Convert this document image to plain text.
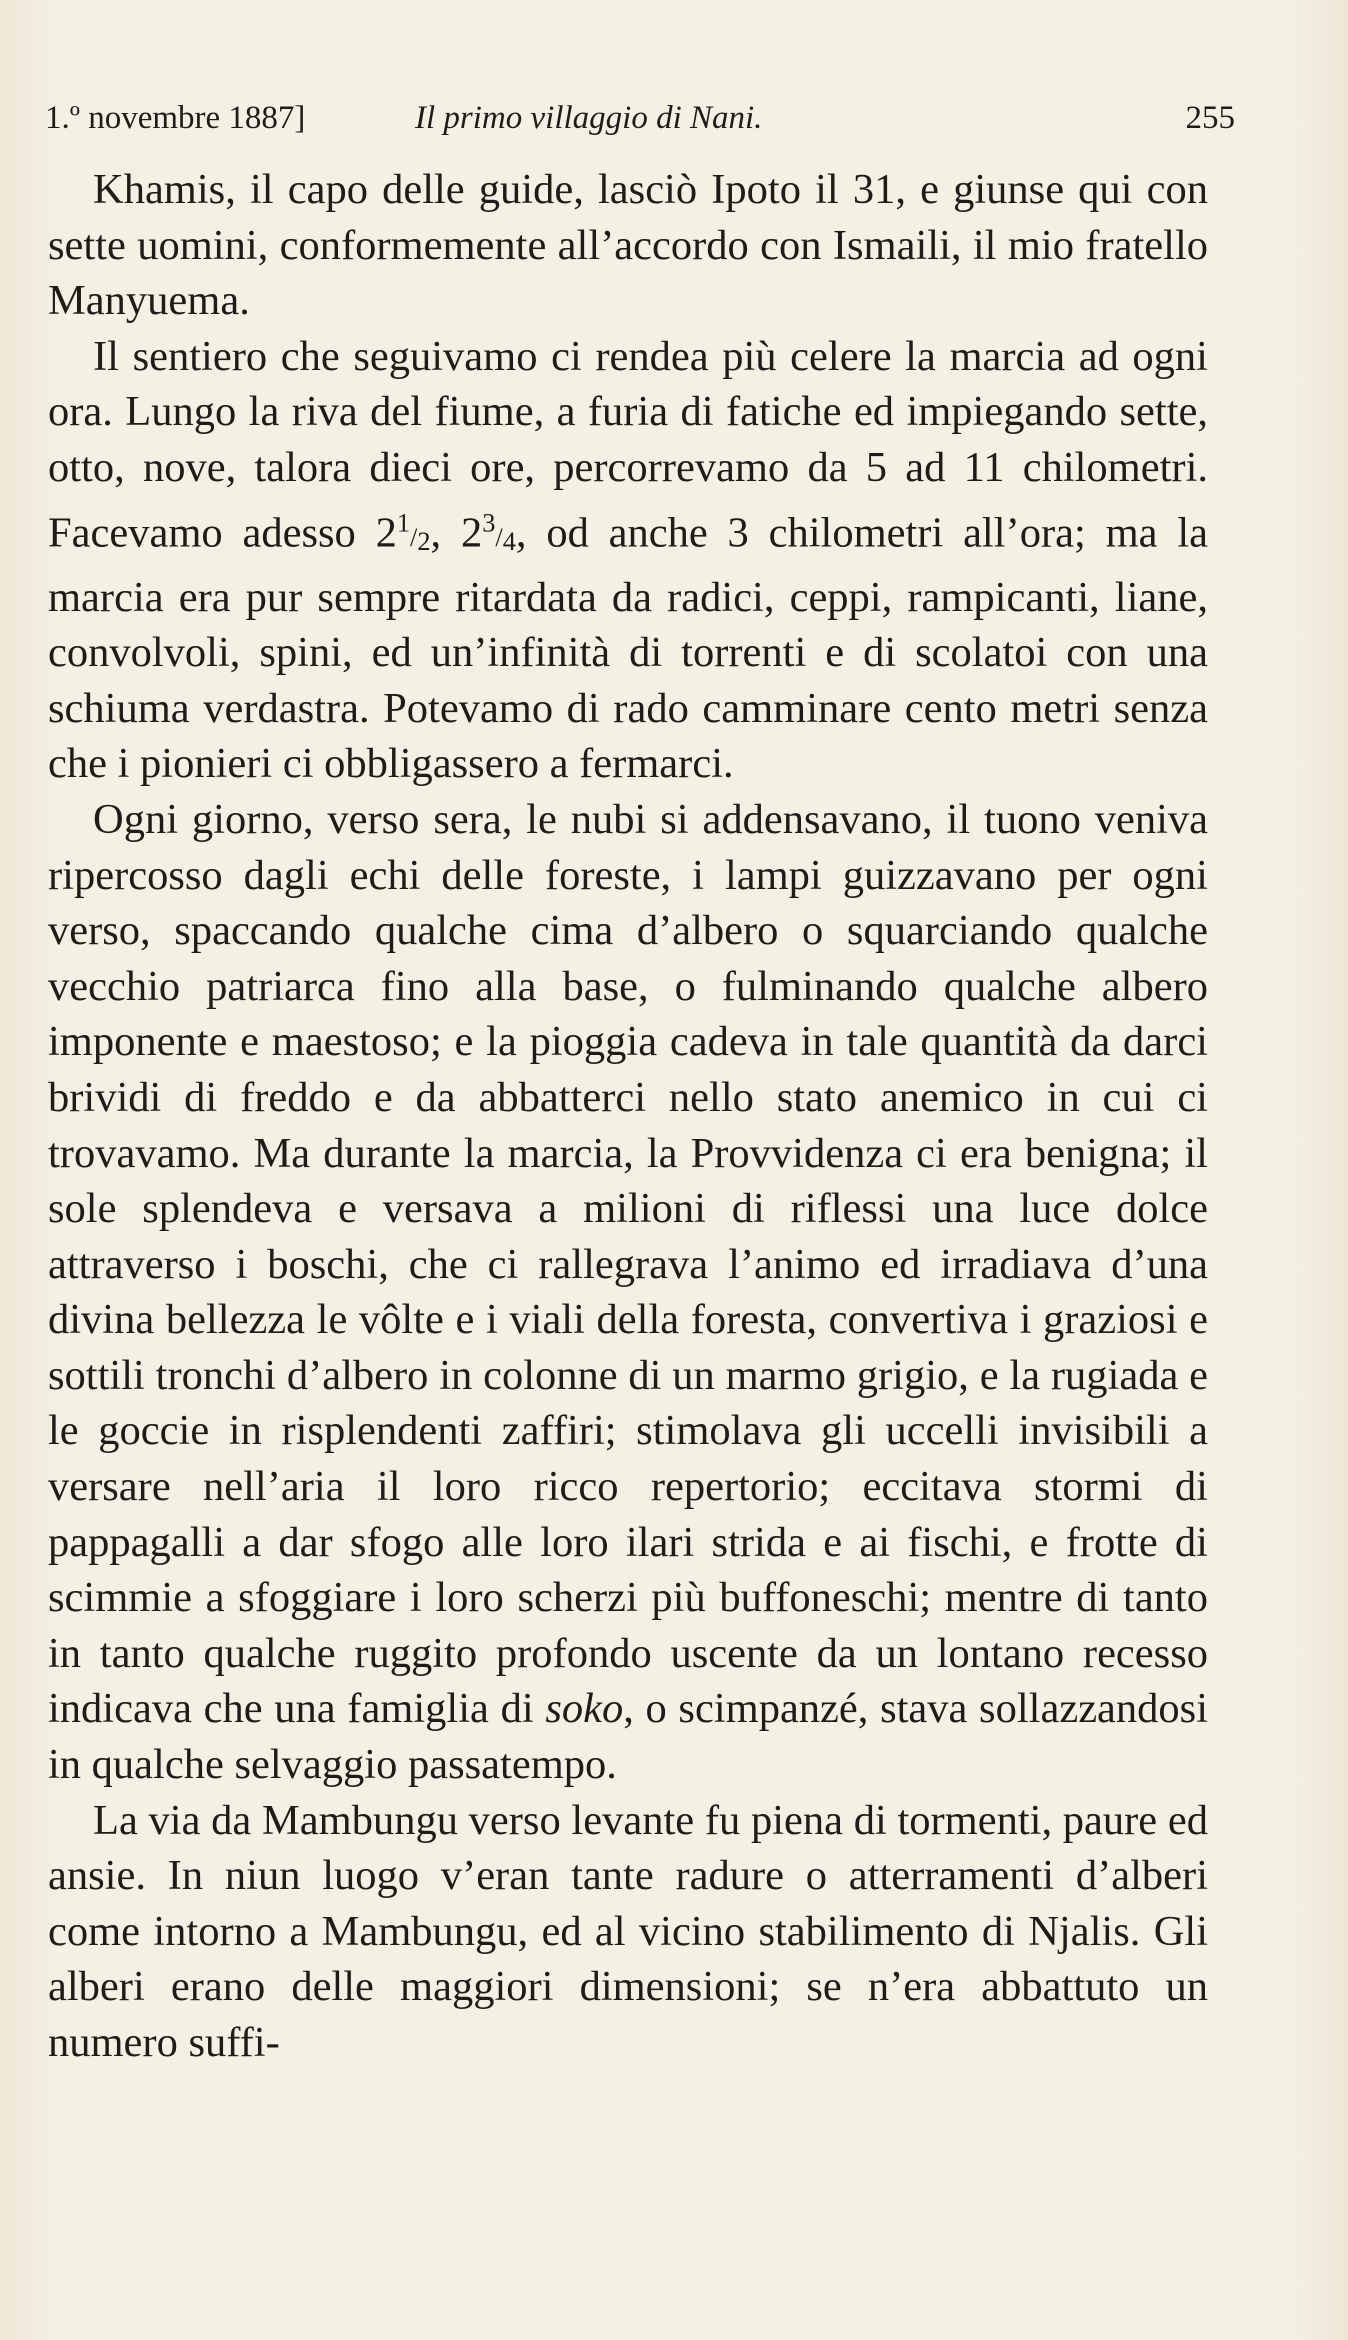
1.º novembre 1887]	Il primo villaggio di Nani.	255

Khamis, il capo delle guide, lasciò Ipoto il 31, e giunse qui con sette uomini, conformemente all’accordo con Ismaili, il mio fratello Manyuema.

Il sentiero che seguivamo ci rendea più celere la marcia ad ogni ora. Lungo la riva del fiume, a furia di fatiche ed impiegando sette, otto, nove, talora dieci ore, percorrevamo da 5 ad 11 chilometri. Facevamo adesso $2^1/_2$, $2^3/_4$, od anche 3 chilometri all’ora; ma la marcia era pur sempre ritardata da radici, ceppi, rampicanti, liane, convolvoli, spini, ed un’infinità di torrenti e di scolatoi con una schiuma verdastra. Potevamo di rado camminare cento metri senza che i pionieri ci obbligassero a fermarci.

Ogni giorno, verso sera, le nubi si addensavano, il tuono veniva ripercosso dagli echi delle foreste, i lampi guizzavano per ogni verso, spaccando qualche cima d’albero o squarciando qualche vecchio patriarca fino alla base, o fulminando qualche albero imponente e maestoso; e la pioggia cadeva in tale quantità da darci brividi di freddo e da abbatterci nello stato anemico in cui ci trovavamo. Ma durante la marcia, la Provvidenza ci era benigna; il sole splendeva e versava a milioni di riflessi una luce dolce attraverso i boschi, che ci rallegrava l’animo ed irradiava d’una divina bellezza le vôlte e i viali della foresta, convertiva i graziosi e sottili tronchi d’albero in colonne di un marmo grigio, e la rugiada e le goccie in risplendenti zaffiri; stimolava gli uccelli invisibili a versare nell’aria il loro ricco repertorio; eccitava stormi di pappagalli a dar sfogo alle loro ilari strida e ai fischi, e frotte di scimmie a sfoggiare i loro scherzi più buffoneschi; mentre di tanto in tanto qualche ruggito profondo uscente da un lontano recesso indicava che una famiglia di soko, o scimpanzé, stava sollazzandosi in qualche selvaggio passatempo.

La via da Mambungu verso levante fu piena di tormenti, paure ed ansie. In niun luogo v’eran tante radure o atterramenti d’alberi come intorno a Mambungu, ed al vicino stabilimento di Njalis. Gli alberi erano delle maggiori dimensioni; se n’era abbattuto un numero suffi-
